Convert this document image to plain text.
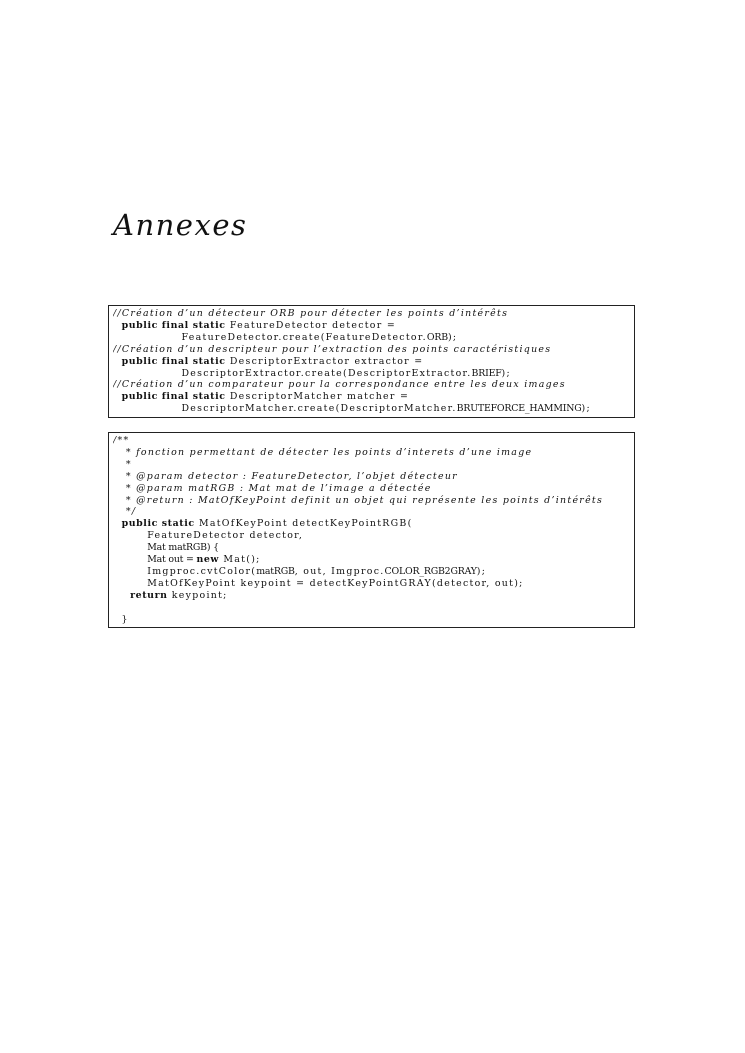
Annexes
//Création d’un détecteur ORB pour détecter les points d’intérêts
public final static FeatureDetector detector =
FeatureDetector.create(FeatureDetector.ORB);
//Création d’un descripteur pour l’extraction des points caractéristiques
public final static DescriptorExtractor extractor =
DescriptorExtractor.create(DescriptorExtractor.BRIEF);
//Création d’un comparateur pour la correspondance entre les deux images
public final static DescriptorMatcher matcher =
DescriptorMatcher.create(DescriptorMatcher.BRUTEFORCE_HAMMING);
/**
* fonction permettant de détecter les points d’interets d’une image
*
* @param detector : FeatureDetector, l’objet détecteur
* @param matRGB : Mat mat de l’image a détectée
* @return : MatOfKeyPoint definit un objet qui représente les points d’intérêts
*/
public static MatOfKeyPoint detectKeyPointRGB(
FeatureDetector detector,
Mat matRGB) {
Mat out = new Mat();
Imgproc.cvtColor(matRGB, out, Imgproc.COLOR_RGB2GRAY);
MatOfKeyPoint keypoint = detectKeyPointGRAY(detector, out);
return keypoint;

}
